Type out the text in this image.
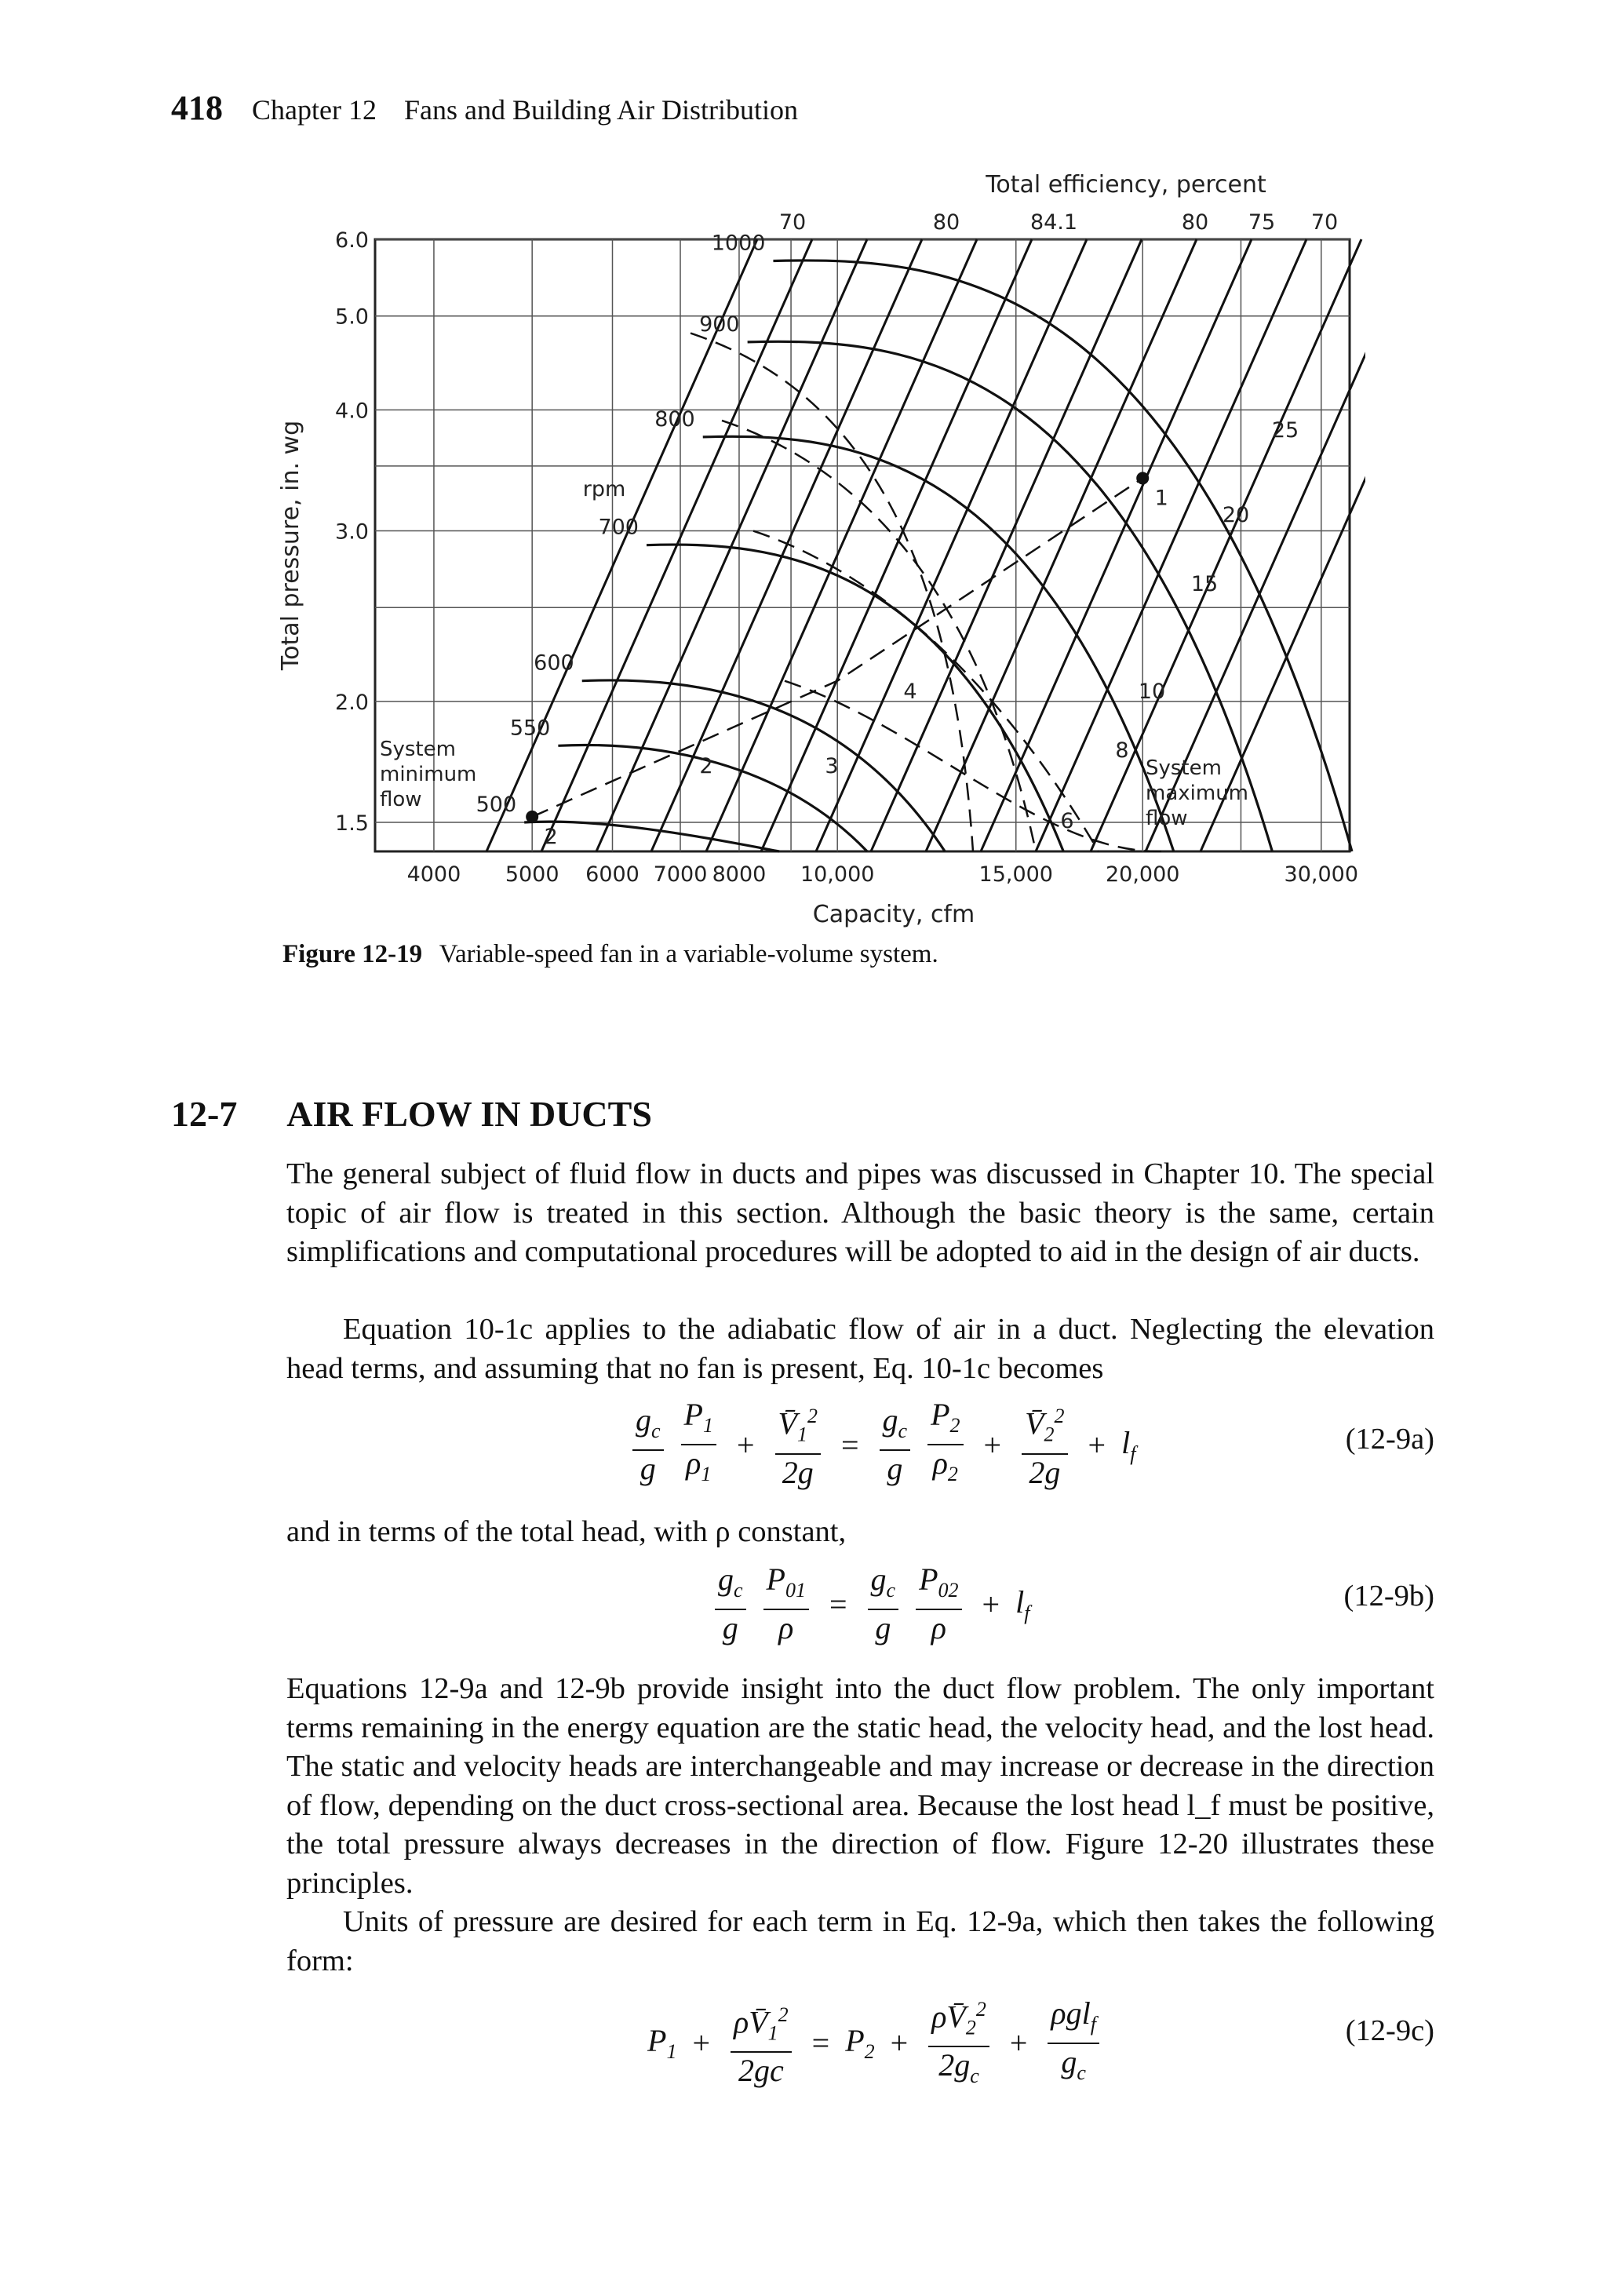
418 Chapter 12 Fans and Building Air Distribution
1.5
2.0
3.0
4.0
5.0
6.0
4000 5000 6000 7000 8000 10,000	15,000 20,000	30,000
Capacity, cfm
Total pressure, in. wg
Total efficiency, percent
70	80	84.1	80 75 70
500
550
600
700
800
900
1000
rpm	1
2
2	3
4
6
8
10
15
20
25
System
minimum
flow
System
maximum
flow
Figure 12-19 Variable-speed fan in a variable-volume system.
12-7 AIR FLOW IN DUCTS

The general subject of fluid flow in ducts and pipes was discussed in Chapter 10. The special topic of air flow is treated in this section. Although the basic theory is the same, certain simplifications and computational procedures will be adopted to aid in the design of air ducts.

Equation 10-1c applies to the adiabatic flow of air in a duct. Neglecting the elevation head terms, and assuming that no fan is present, Eq. 10-1c becomes

$\frac{g_c}{g}$
$\frac{P_1}{\rho_1} + \frac{V̄_1^2}{2g} = \frac{g_c}{g}$
$\frac{P_2}{\rho_2} + \frac{V̄_2^2}{2g} + l_f$	(12-9a)

and in terms of the total head, with ρ constant,

$\frac{g_c}{g}$
$\frac{P_{01}}{\rho} = \frac{g_c}{g}$
$\frac{P_{02}}{\rho} + l_f$	(12-9b)

Equations 12-9a and 12-9b provide insight into the duct flow problem. The only important terms remaining in the energy equation are the static head, the velocity head, and the lost head. The static and velocity heads are interchangeable and may increase or decrease in the direction of flow, depending on the duct cross-sectional area. Because the lost head l_f must be positive, the total pressure always decreases in the direction of flow. Figure 12-20 illustrates these principles.

Units of pressure are desired for each term in Eq. 12-9a, which then takes the following form:

$P_1 + \frac{\rho V̄_1^2}{2gc} = P_2 + \frac{\rho V̄_2^2}{2g_c} + \frac{\rho gl_f}{g_c}$	(12-9c)
